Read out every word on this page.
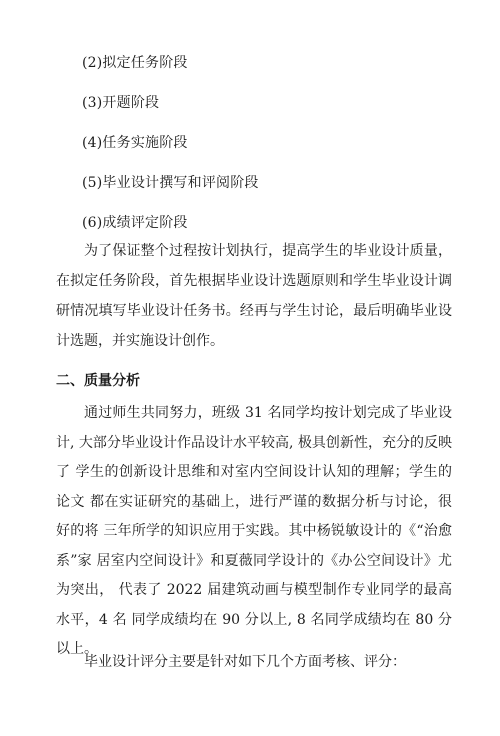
(2)拟定任务阶段
(3)开题阶段
(4)任务实施阶段
(5)毕业设计撰写和评阅阶段
(6)成绩评定阶段

为了保证整个过程按计划执行，提高学生的毕业设计质量， 在拟定任务阶段，首先根据毕业设计选题原则和学生毕业设计调 研情况填写毕业设计任务书。经再与学生讨论，最后明确毕业设 计选题，并实施设计创作。

二、质量分析

通过师生共同努力，班级 31 名同学均按计划完成了毕业设计, 大部分毕业设计作品设计水平较高, 极具创新性，充分的反映了 学生的创新设计思维和对室内空间设计认知的理解；学生的论文 都在实证研究的基础上，进行严谨的数据分析与讨论，很好的将 三年所学的知识应用于实践。其中杨锐敏设计的《“治愈系”家 居室内空间设计》和夏薇同学设计的《办公空间设计》尤为突出， 代表了 2022 届建筑动画与模型制作专业同学的最高水平，4 名 同学成绩均在 90 分以上, 8 名同学成绩均在 80 分以上。

毕业设计评分主要是针对如下几个方面考核、评分：
